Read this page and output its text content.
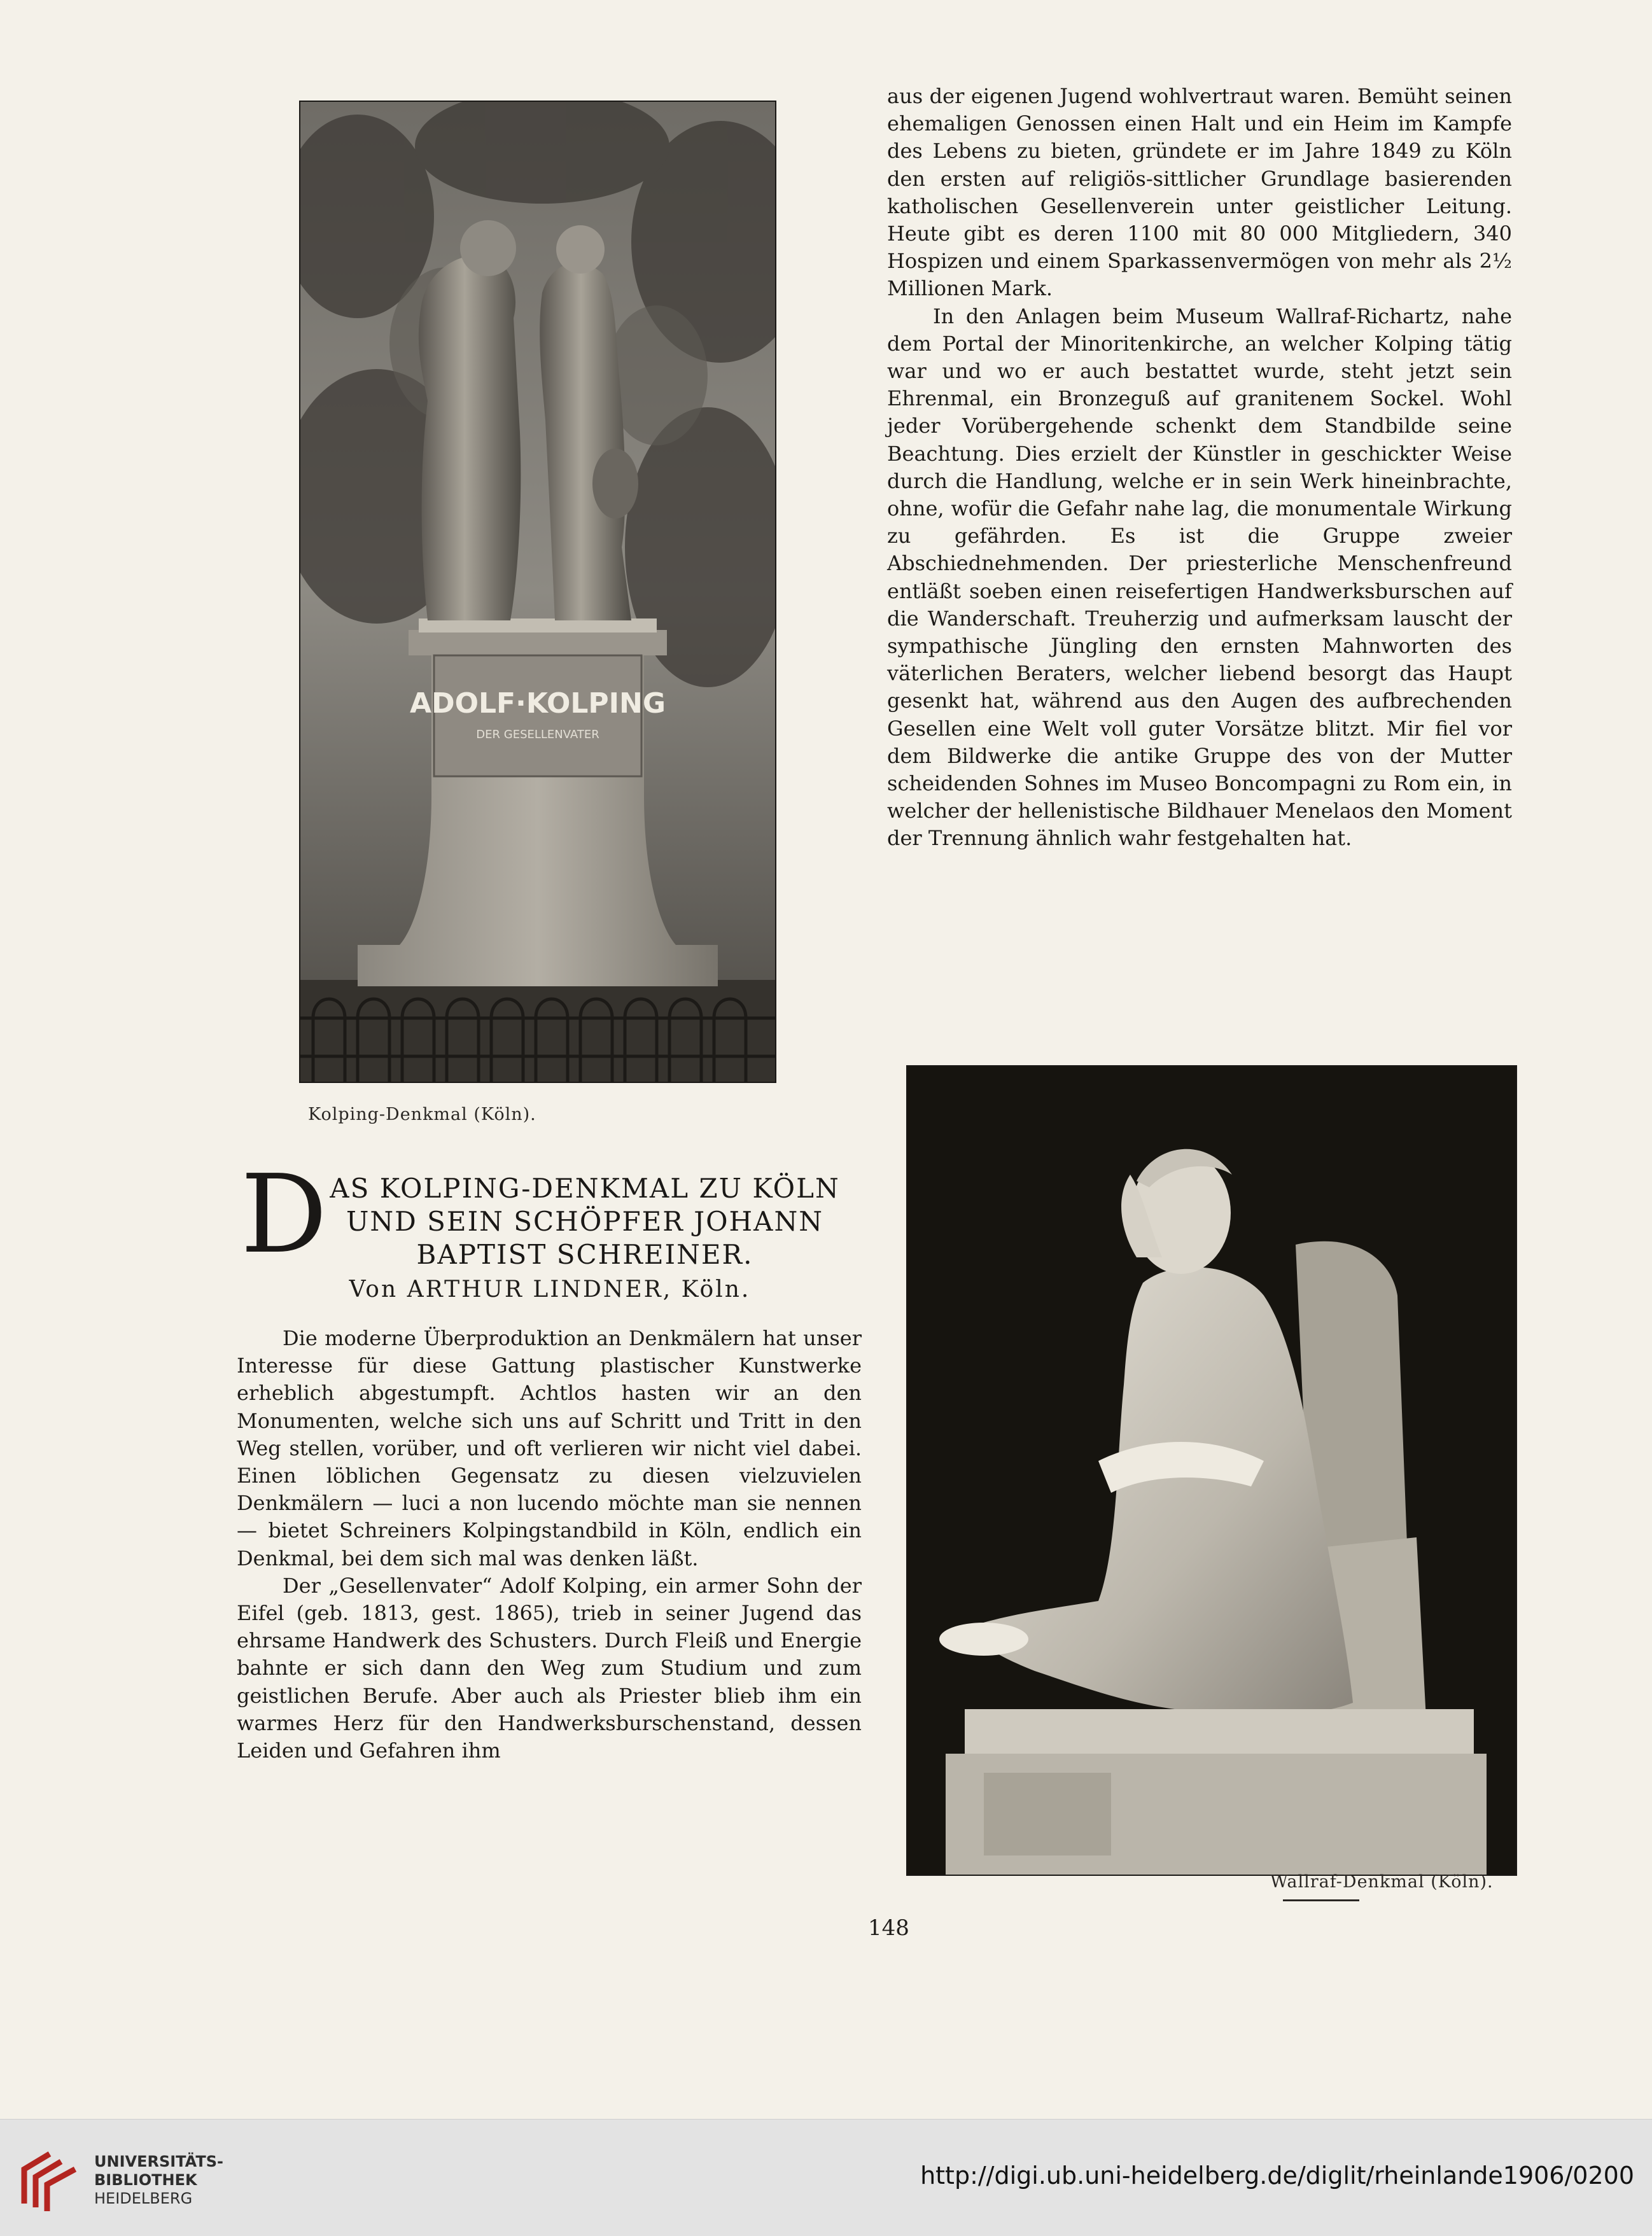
ADOLF·KOLPING
DER GESELLENVATER
Kolping-Denkmal (Köln).

aus der eigenen Jugend wohlvertraut waren. Bemüht seinen ehemaligen Genossen einen Halt und ein Heim im Kampfe des Lebens zu bieten, gründete er im Jahre 1849 zu Köln den ersten auf religiös-sittlicher Grundlage basierenden katholischen Gesellenverein unter geistlicher Leitung. Heute gibt es deren 1100 mit 80 000 Mitgliedern, 340 Hospizen und einem Sparkassenvermögen von mehr als 2½ Millionen Mark.

In den Anlagen beim Museum Wallraf-Richartz, nahe dem Portal der Minoritenkirche, an welcher Kolping tätig war und wo er auch bestattet wurde, steht jetzt sein Ehrenmal, ein Bronzeguß auf granitenem Sockel. Wohl jeder Vorübergehende schenkt dem Standbilde seine Beachtung. Dies erzielt der Künstler in geschickter Weise durch die Handlung, welche er in sein Werk hineinbrachte, ohne, wofür die Gefahr nahe lag, die monumentale Wirkung zu gefährden. Es ist die Gruppe zweier Abschiednehmenden. Der priesterliche Menschenfreund entläßt soeben einen reisefertigen Handwerksburschen auf die Wanderschaft. Treuherzig und aufmerksam lauscht der sympathische Jüngling den ernsten Mahnworten des väterlichen Beraters, welcher liebend besorgt das Haupt gesenkt hat, während aus den Augen des aufbrechenden Gesellen eine Welt voll guter Vorsätze blitzt. Mir fiel vor dem Bildwerke die antike Gruppe des von der Mutter scheidenden Sohnes im Museo Boncompagni zu Rom ein, in welcher der hellenistische Bildhauer Menelaos den Moment der Trennung ähnlich wahr festgehalten hat.

Wallraf-Denkmal (Köln).
D AS KOLPING-DENKMAL ZU KÖLN UND SEIN SCHÖPFER JOHANN BAPTIST SCHREINER.
Von ARTHUR LINDNER, Köln.

Die moderne Überproduktion an Denkmälern hat unser Interesse für diese Gattung plastischer Kunstwerke erheblich abgestumpft. Achtlos hasten wir an den Monumenten, welche sich uns auf Schritt und Tritt in den Weg stellen, vorüber, und oft verlieren wir nicht viel dabei. Einen löblichen Gegensatz zu diesen vielzuvielen Denkmälern — luci a non lucendo möchte man sie nennen — bietet Schreiners Kolpingstandbild in Köln, endlich ein Denkmal, bei dem sich mal was denken läßt.

Der „Gesellenvater“ Adolf Kolping, ein armer Sohn der Eifel (geb. 1813, gest. 1865), trieb in seiner Jugend das ehrsame Handwerk des Schusters. Durch Fleiß und Energie bahnte er sich dann den Weg zum Studium und zum geistlichen Berufe. Aber auch als Priester blieb ihm ein warmes Herz für den Handwerksburschenstand, dessen Leiden und Gefahren ihm

148
UNIVERSITÄTS-
BIBLIOTHEK
HEIDELBERG
http://digi.ub.uni-heidelberg.de/diglit/rheinlande1906/0200
